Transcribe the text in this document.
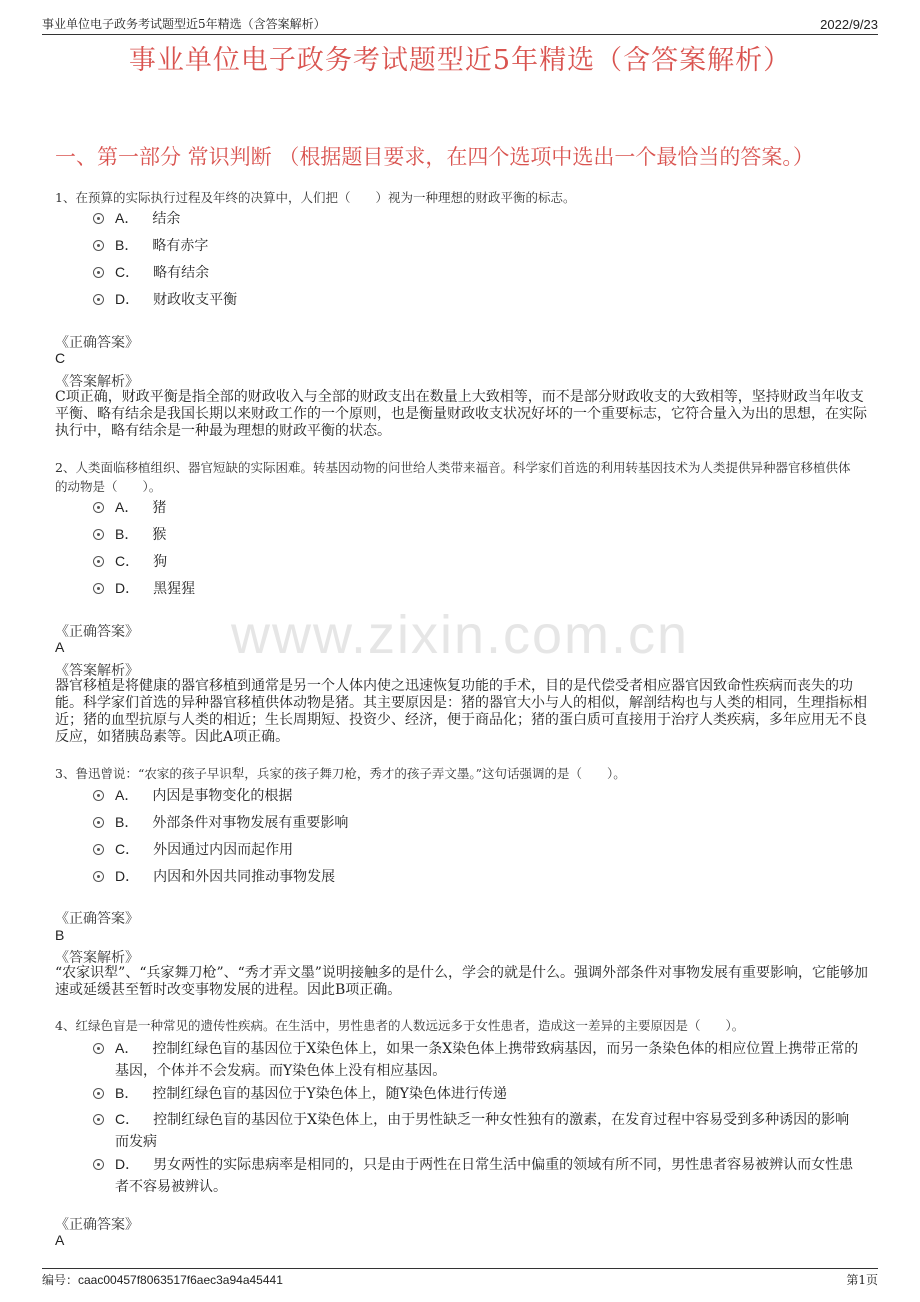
事业单位电子政务考试题型近5年精选（含答案解析）	2022/9/23
事业单位电子政务考试题型近5年精选（含答案解析）
一、第一部分 常识判断 （根据题目要求，在四个选项中选出一个最恰当的答案。）
www.zixin.com.cn
1、在预算的实际执行过程及年终的决算中，人们把（　　）视为一种理想的财政平衡的标志。
A． 结余
B． 略有赤字
C． 略有结余
D． 财政收支平衡
《正确答案》
C
《答案解析》
C项正确，财政平衡是指全部的财政收入与全部的财政支出在数量上大致相等，而不是部分财政收支的大致相等，坚持财政当年收支平衡、略有结余是我国长期以来财政工作的一个原则，也是衡量财政收支状况好坏的一个重要标志，它符合量入为出的思想，在实际执行中，略有结余是一种最为理想的财政平衡的状态。
2、人类面临移植组织、器官短缺的实际困难。转基因动物的问世给人类带来福音。科学家们首选的利用转基因技术为人类提供异种器官移植供体的动物是（　　）。
A． 猪
B． 猴
C． 狗
D． 黑猩猩
《正确答案》
A
《答案解析》
器官移植是将健康的器官移植到通常是另一个人体内使之迅速恢复功能的手术，目的是代偿受者相应器官因致命性疾病而丧失的功能。科学家们首选的异种器官移植供体动物是猪。其主要原因是：猪的器官大小与人的相似，解剖结构也与人类的相同，生理指标相近；猪的血型抗原与人类的相近；生长周期短、投资少、经济，便于商品化；猪的蛋白质可直接用于治疗人类疾病，多年应用无不良反应，如猪胰岛素等。因此A项正确。
3、鲁迅曾说：“农家的孩子早识犁，兵家的孩子舞刀枪，秀才的孩子弄文墨。”这句话强调的是（　　）。
A． 内因是事物变化的根据
B． 外部条件对事物发展有重要影响
C． 外因通过内因而起作用
D． 内因和外因共同推动事物发展
《正确答案》
B
《答案解析》
“农家识犁”、“兵家舞刀枪”、“秀才弄文墨”说明接触多的是什么，学会的就是什么。强调外部条件对事物发展有重要影响，它能够加速或延缓甚至暂时改变事物发展的进程。因此B项正确。
4、红绿色盲是一种常见的遗传性疾病。在生活中，男性患者的人数远远多于女性患者，造成这一差异的主要原因是（　　）。
A． 控制红绿色盲的基因位于X染色体上，如果一条X染色体上携带致病基因，而另一条染色体的相应位置上携带正常的基因，个体并不会发病。而Y染色体上没有相应基因。
B． 控制红绿色盲的基因位于Y染色体上，随Y染色体进行传递
C． 控制红绿色盲的基因位于X染色体上，由于男性缺乏一种女性独有的激素，在发育过程中容易受到多种诱因的影响而发病
D． 男女两性的实际患病率是相同的，只是由于两性在日常生活中偏重的领域有所不同，男性患者容易被辨认而女性患者不容易被辨认。
《正确答案》
A
编号：caac00457f8063517f6aec3a94a45441	第1页
